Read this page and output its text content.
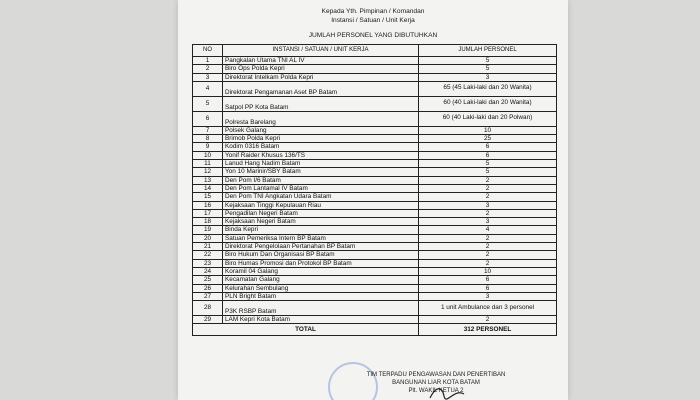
Kepada Yth. Pimpinan / Komandan
Instansi / Satuan / Unit Kerja
JUMLAH PERSONEL YANG DIBUTUHKAN
NO	INSTANSI / SATUAN / UNIT KERJA	JUMLAH PERSONEL
1	Pangkalan Utama TNI AL IV	5
2	Biro Ops Polda Kepri	5
3	Direktorat Intelkam Polda Kepri	3
4	Direktorat Pengamanan Aset BP Batam	65 (45 Laki-laki dan 20 Wanita)
5	Satpol PP Kota Batam	60 (40 Laki-laki dan 20 Wanita)
6	Polresta Barelang	60 (40 Laki-laki dan 20 Polwan)
7	Polsek Galang	10
8	Brimob Polda Kepri	25
9	Kodim 0316 Batam	6
10	Yonif Raider Khusus 136/TS	6
11	Lanud Hang Nadim Batam	5
12	Yon 10 Marinir/SBY Batam	5
13	Den Pom I/6 Batam	2
14	Den Pom Lantamal IV Batam	2
15	Den Pom TNI Angkatan Udara Batam	2
16	Kejaksaan Tinggi Kepulauan Riau	3
17	Pengadilan Negeri Batam	2
18	Kejaksaan Negeri Batam	3
19	Binda Kepri	4
20	Satuan Pemeriksa Intern BP Batam	2
21	Direktorat Pengelolaan Pertanahan BP Batam	2
22	Biro Hukum Dan Organisasi BP Batam	2
23	Biro Humas Promosi dan Protokol BP Batam	2
24	Koramil 04 Galang	10
25	Kecamatan Galang	6
26	Kelurahan Sembulang	6
27	PLN Bright Batam	3
28	P3K RSBP Batam	1 unit Ambulance dan 3 personel
29	LAM Kepri Kota Batam	2
TOTAL		312 PERSONEL
TIM TERPADU PENGAWASAN DAN PENERTIBAN
BANGUNAN LIAR KOTA BATAM
Plt. WAKIL KETUA 2
